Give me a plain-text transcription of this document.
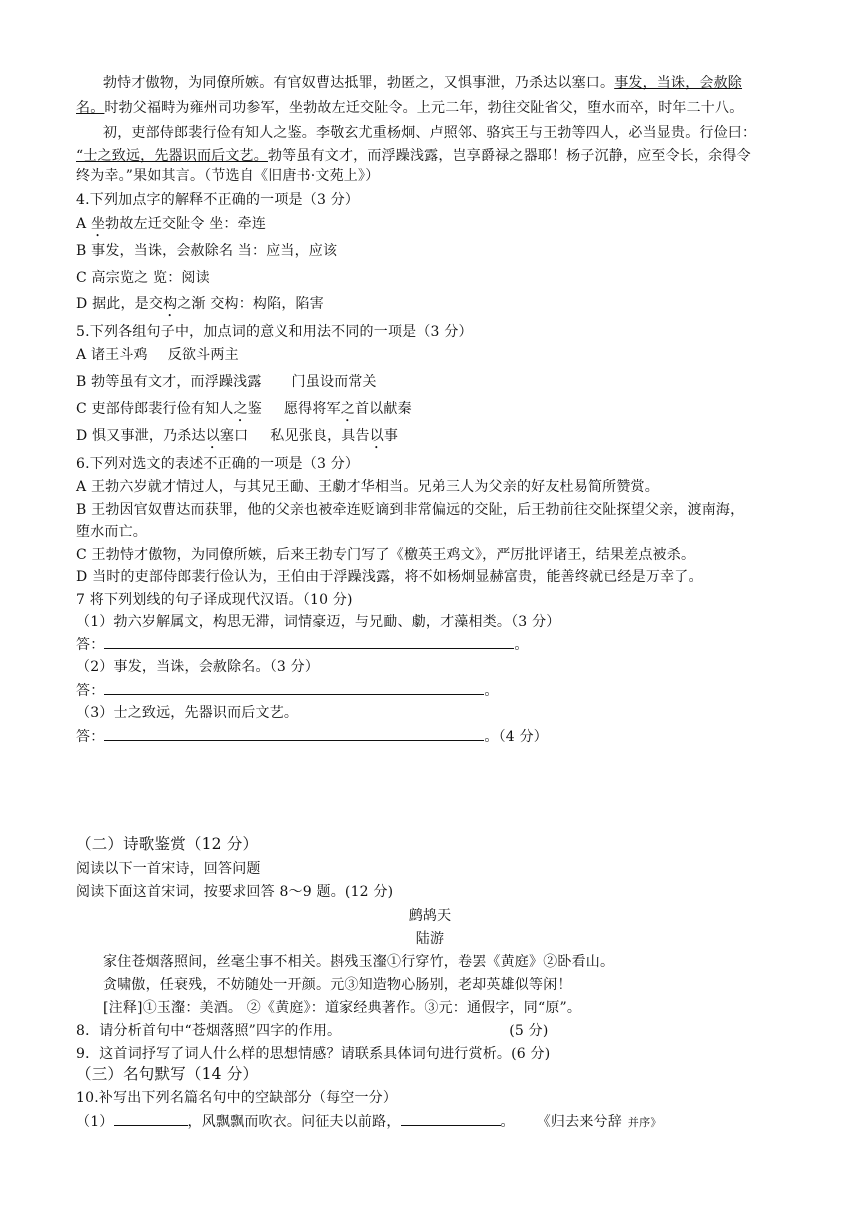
勃恃才傲物，为同僚所嫉。有官奴曹达抵罪，勃匿之，又惧事泄，乃杀达以塞口。事发，当诛，会赦除
名。时勃父福畤为雍州司功参军，坐勃故左迁交阯令。上元二年，勃往交阯省父，堕水而卒，时年二十八。
初，吏部侍郎裴行俭有知人之鉴。李敬玄尤重杨炯、卢照邻、骆宾王与王勃等四人，必当显贵。行俭曰：
“士之致远，先器识而后文艺。勃等虽有文才，而浮躁浅露，岂享爵禄之器耶！杨子沉静，应至令长，余得令
终为幸。”果如其言。（节选自《旧唐书·文苑上》）
4.下列加点字的解释不正确的一项是（3 分）
A 坐勃故左迁交阯令 坐：牵连
B 事发，当诛，会赦除名 当：应当，应该
C 高宗览之 览：阅读
D 据此，是交构之渐 交构：构陷，陷害
5.下列各组句子中，加点词的意义和用法不同的一项是（3 分）
A 诸王斗鸡 反欲斗两主
B 勃等虽有文才，而浮躁浅露 门虽设而常关
C 吏部侍郎裴行俭有知人之鉴 愿得将军之首以献秦
D 惧又事泄，乃杀达以塞口 私见张良，具告以事
6.下列对选文的表述不正确的一项是（3 分）
A 王勃六岁就才情过人，与其兄王勔、王勮才华相当。兄弟三人为父亲的好友杜易简所赞赏。
B 王勃因官奴曹达而获罪，他的父亲也被牵连贬谪到非常偏远的交阯，后王勃前往交阯探望父亲，渡南海，
堕水而亡。
C 王勃恃才傲物，为同僚所嫉，后来王勃专门写了《檄英王鸡文》，严厉批评诸王，结果差点被杀。
D 当时的吏部侍郎裴行俭认为，王伯由于浮躁浅露，将不如杨炯显赫富贵，能善终就已经是万幸了。
7 将下列划线的句子译成现代汉语。（10 分)
（1）勃六岁解属文，构思无滞，词情豪迈，与兄勔、勮，才藻相类。（3 分）
答：	。
（2）事发，当诛，会赦除名。（3 分）
答：	。
（3）士之致远，先器识而后文艺。
答：	。（4 分）
（二）诗歌鉴赏（12 分）
阅读以下一首宋诗，回答问题
阅读下面这首宋词，按要求回答 8～9 题。(12 分)
鹧鸪天
陆游
家住苍烟落照间，丝毫尘事不相关。斟残玉瀣①行穿竹，卷罢《黄庭》②卧看山。
贪啸傲，任衰残，不妨随处一开颜。元③知造物心肠别，老却英雄似等闲！
[注释]①玉瀣：美酒。 ②《黄庭》：道家经典著作。③元：通假字，同“原”。
8．请分析首句中“苍烟落照”四字的作用。	(5 分)
9．这首词抒写了词人什么样的思想情感？请联系具体词句进行赏析。(6 分)
（三）名句默写（14 分）
10.补写出下列名篇名句中的空缺部分（每空一分）
（1）	，风飘飘而吹衣。问征夫以前路，	。 《归去来兮辞 并序》
